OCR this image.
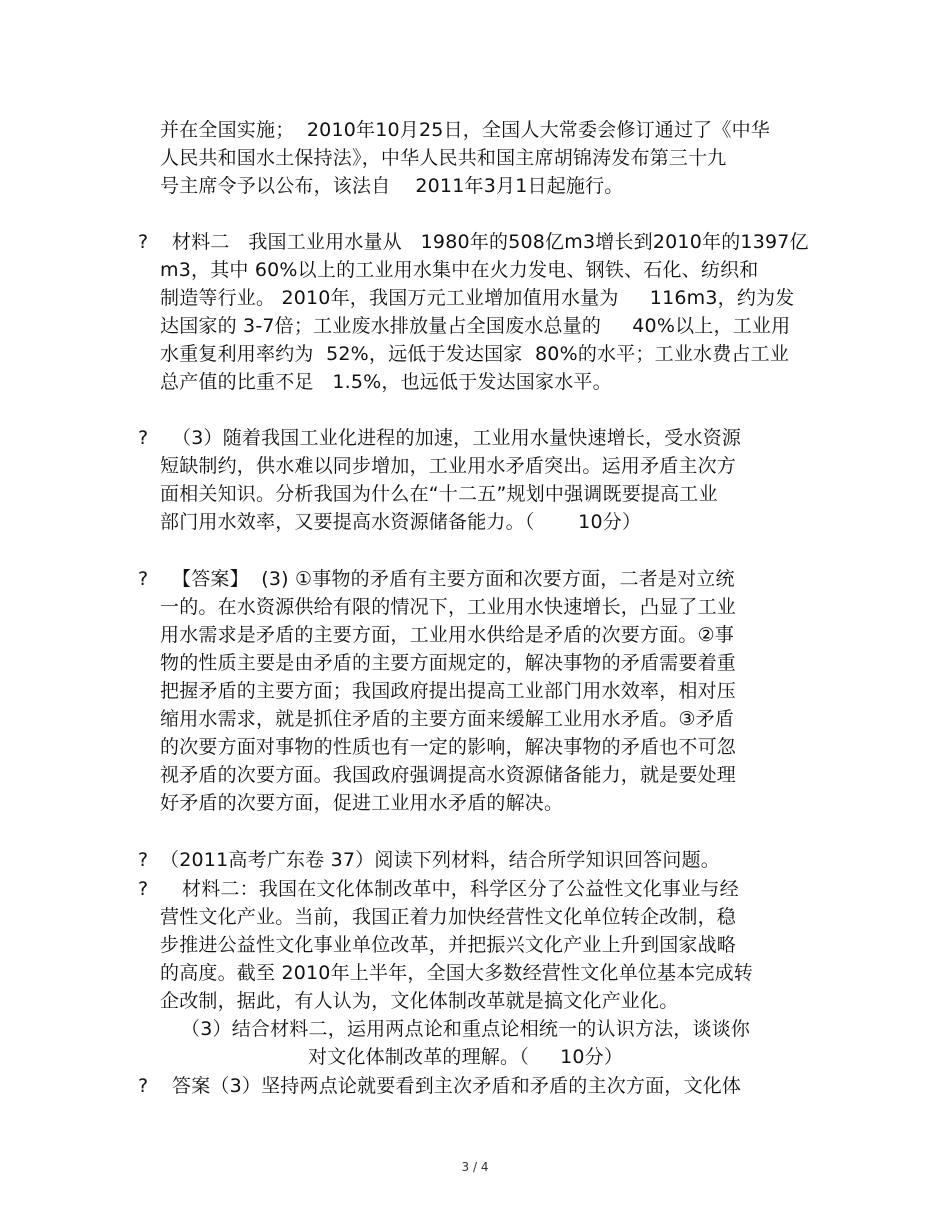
并在全国实施；  2010年10月25日，全国人大常委会修订通过了《中华
人民共和国水土保持法》，中华人民共和国主席胡锦涛发布第三十九
号主席令予以公布，该法自    2011年3月1日起施行。
? 材料二   我国工业用水量从   1980年的508亿m3增长到2010年的1397亿
m3，其中 60%以上的工业用水集中在火力发电、钢铁、石化、纺织和
制造等行业。 2010年，我国万元工业增加值用水量为     116m3，约为发
达国家的 3-7倍；工业废水排放量占全国废水总量的     40%以上，工业用
水重复利用率约为  52%，远低于发达国家  80%的水平；工业水费占工业
总产值的比重不足   1.5%，也远低于发达国家水平。
? （3）随着我国工业化进程的加速，工业用水量快速增长，受水资源
短缺制约，供水难以同步增加，工业用水矛盾突出。运用矛盾主次方
面相关知识。分析我国为什么在“十二五”规划中强调既要提高工业
部门用水效率，又要提高水资源储备能力。（       10分）
? 【答案】  (3) ①事物的矛盾有主要方面和次要方面，二者是对立统
一的。在水资源供给有限的情况下，工业用水快速增长，凸显了工业
用水需求是矛盾的主要方面，工业用水供给是矛盾的次要方面。②事
物的性质主要是由矛盾的主要方面规定的，解决事物的矛盾需要着重
把握矛盾的主要方面；我国政府提出提高工业部门用水效率，相对压
缩用水需求，就是抓住矛盾的主要方面来缓解工业用水矛盾。③矛盾
的次要方面对事物的性质也有一定的影响，解决事物的矛盾也不可忽
视矛盾的次要方面。我国政府强调提高水资源储备能力，就是要处理
好矛盾的次要方面，促进工业用水矛盾的解决。
? （2011高考广东卷 37）阅读下列材料，结合所学知识回答问题。
? 材料二：我国在文化体制改革中，科学区分了公益性文化事业与经
营性文化产业。当前，我国正着力加快经营性文化单位转企改制，稳
步推进公益性文化事业单位改革，并把振兴文化产业上升到国家战略
的高度。截至 2010年上半年，全国大多数经营性文化单位基本完成转
企改制，据此，有人认为，文化体制改革就是搞文化产业化。
（3）结合材料二，运用两点论和重点论相统一的认识方法，谈谈你
对文化体制改革的理解。（     10分）
? 答案（3）坚持两点论就要看到主次矛盾和矛盾的主次方面，文化体
3 / 4
